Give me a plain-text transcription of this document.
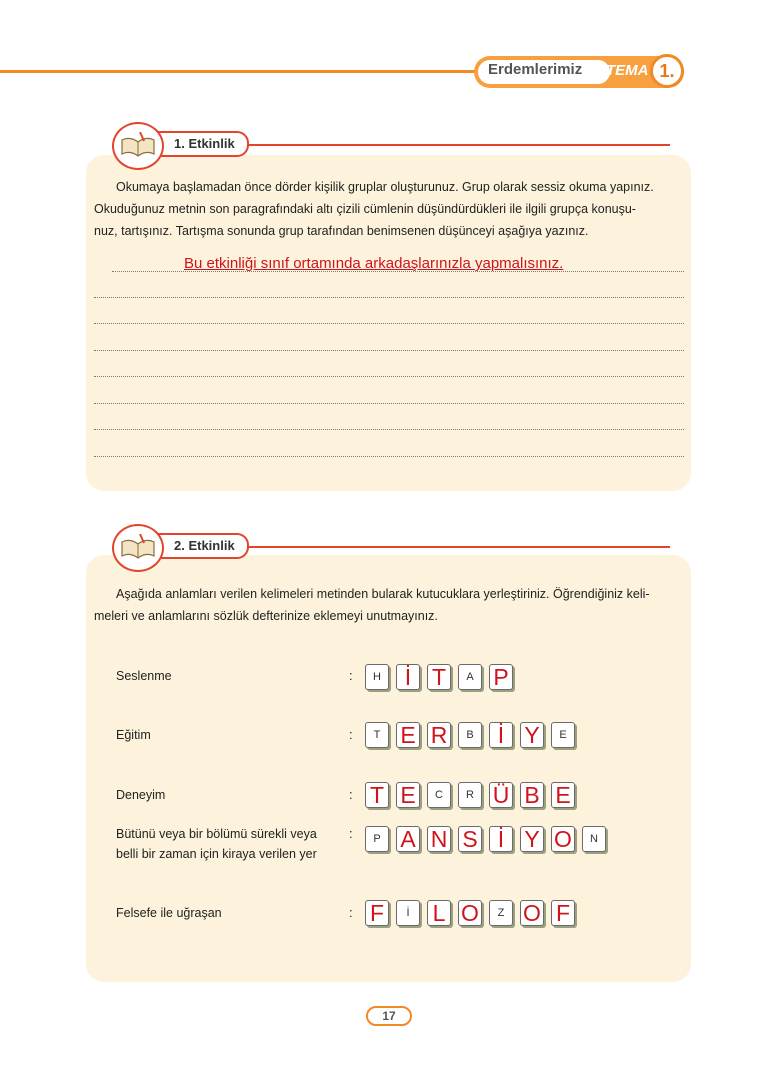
Erdemlerimiz TEMA 1.
1. Etkinlik
Okumaya başlamadan önce dörder kişilik gruplar oluşturunuz. Grup olarak sessiz okuma yapınız.
Okuduğunuz metnin son paragrafındaki altı çizili cümlenin düşündürdükleri ile ilgili grupça konuşu-
nuz, tartışınız. Tartışma sonunda grup tarafından benimsenen düşünceyi aşağıya yazınız.
Bu etkinliği sınıf ortamında arkadaşlarınızla yapmalısınız.
2. Etkinlik
Aşağıda anlamları verilen kelimeleri metinden bularak kutucuklara yerleştiriniz. Öğrendiğiniz keli-
meleri ve anlamlarını sözlük defterinize eklemeyi unutmayınız.
Seslenme	:	H	İ T	A P
Eğitim	:	T E R	B	İ Y	E
Deneyim	: T E	C	R Ü B E
Bütünü veya bir bölümü sürekli veya
belli bir zaman için kiraya verilen yer
:	P A N S İ Y O	N
Felsefe ile uğraşan	: F	İ	L O	Z O F
17
